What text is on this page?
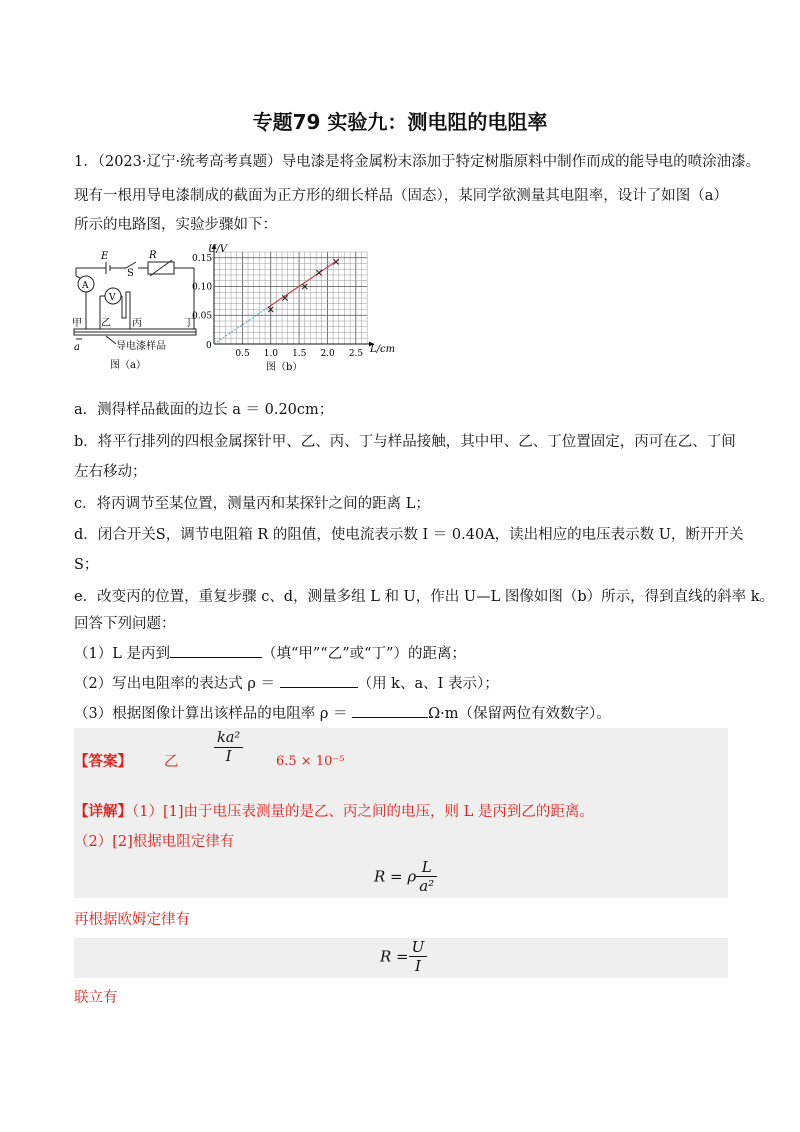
专题79 实验九：测电阻的电阻率
1．（2023·辽宁·统考高考真题）导电漆是将金属粉末添加于特定树脂原料中制作而成的能导电的喷涂油漆。
现有一根用导电漆制成的截面为正方形的细长样品（固态），某同学欲测量其电阻率，设计了如图（a）
所示的电路图，实验步骤如下：
E
S
R
A
V
甲 乙 丙	丁
a	导电漆样品
图（a）
0.05
0.10
0.15
0.5 1.0 1.5 2.0 2.5
U/V
L/cm
0
图（b）
a．测得样品截面的边长 a ＝ 0.20cm；
b．将平行排列的四根金属探针甲、乙、丙、丁与样品接触，其中甲、乙、丁位置固定，丙可在乙、丁间
左右移动；
c．将丙调节至某位置，测量丙和某探针之间的距离 L；
d．闭合开关S，调节电阻箱 R 的阻值，使电流表示数 I ＝ 0.40A，读出相应的电压表示数 U，断开开关
S；
e．改变丙的位置，重复步骤 c、d，测量多组 L 和 U，作出 U—L 图像如图（b）所示，得到直线的斜率 k。
回答下列问题：
（1）L 是丙到	（填“甲”“乙”或“丁”）的距离；
（2）写出电阻率的表达式 ρ ＝	（用 k、a、I 表示）；
（3）根据图像计算出该样品的电阻率 ρ ＝	Ω·m（保留两位有效数字）。
【答案】 乙 $\frac{\text{ka²}}{I}$	6.5 × 10⁻⁵
【详解】（1）[1]由于电压表测量的是乙、丙之间的电压，则 L 是丙到乙的距离。
（2）[2]根据电阻定律有
R = ρ $\frac{L}{\text{a²}}$
再根据欧姆定律有
$R = \frac{U}{I}$
联立有
